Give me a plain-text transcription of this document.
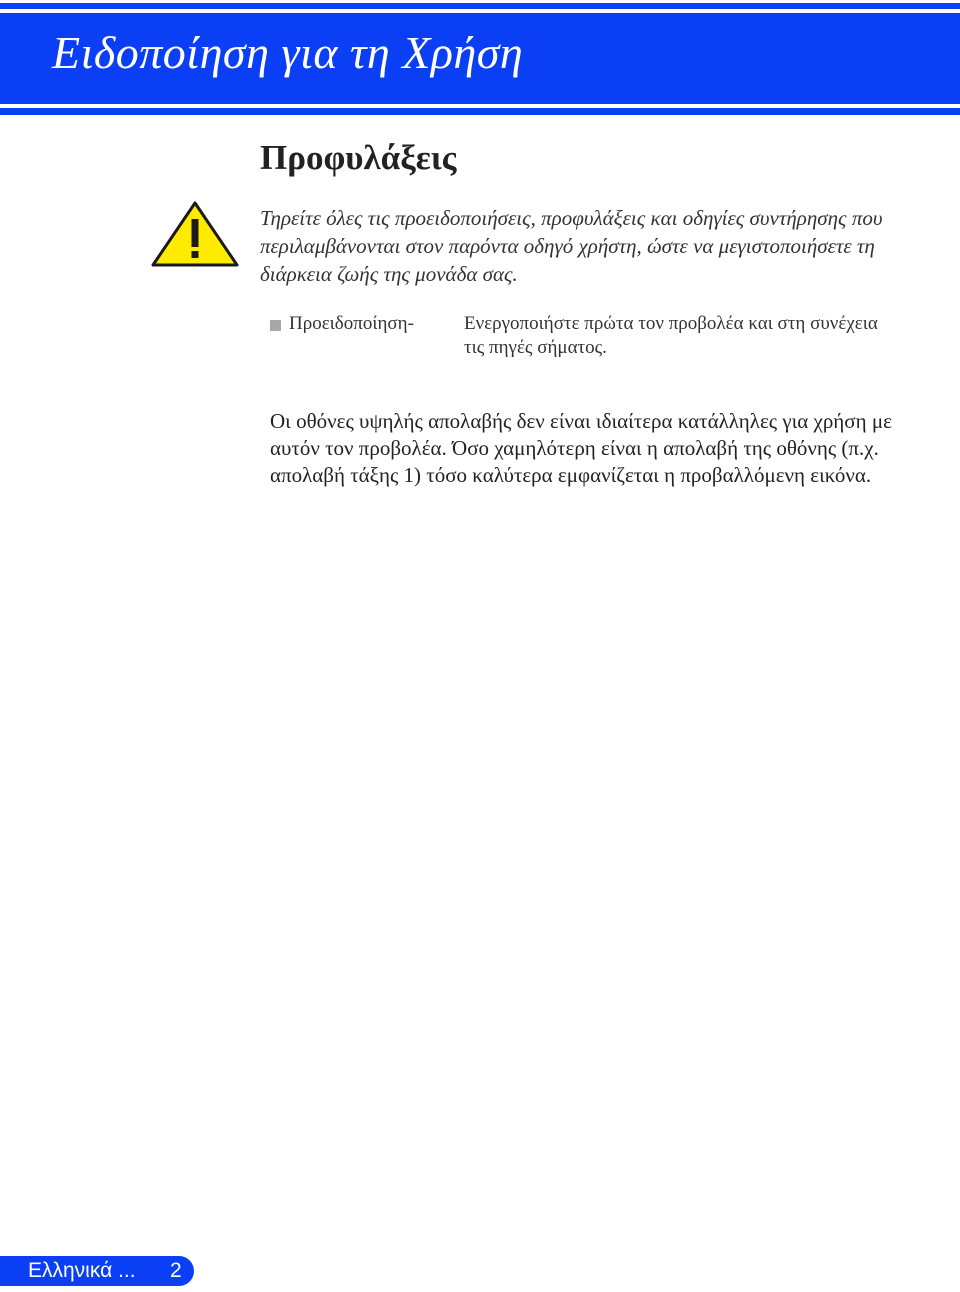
Ειδοποίηση για τη Χρήση
Προφυλάξεις

Τηρείτε όλες τις προειδοποιήσεις, προφυλάξεις και οδηγίες συντήρησης που περιλαμβάνονται στον παρόντα οδηγό χρήστη, ώστε να μεγιστοποιήσετε τη διάρκεια ζωής της μονάδα σας.

Προειδοποίηση-	Ενεργοποιήστε πρώτα τον προβολέα και στη συνέχεια τις πηγές σήματος.

Οι οθόνες υψηλής απολαβής δεν είναι ιδιαίτερα κατάλληλες για χρήση με αυτόν τον προβολέα. Όσο χαμηλότερη είναι η απολαβή της οθόνης (π.χ. απολαβή τάξης 1) τόσο καλύτερα εμφανίζεται η προβαλλόμενη εικόνα.

Ελληνικά ... 2
